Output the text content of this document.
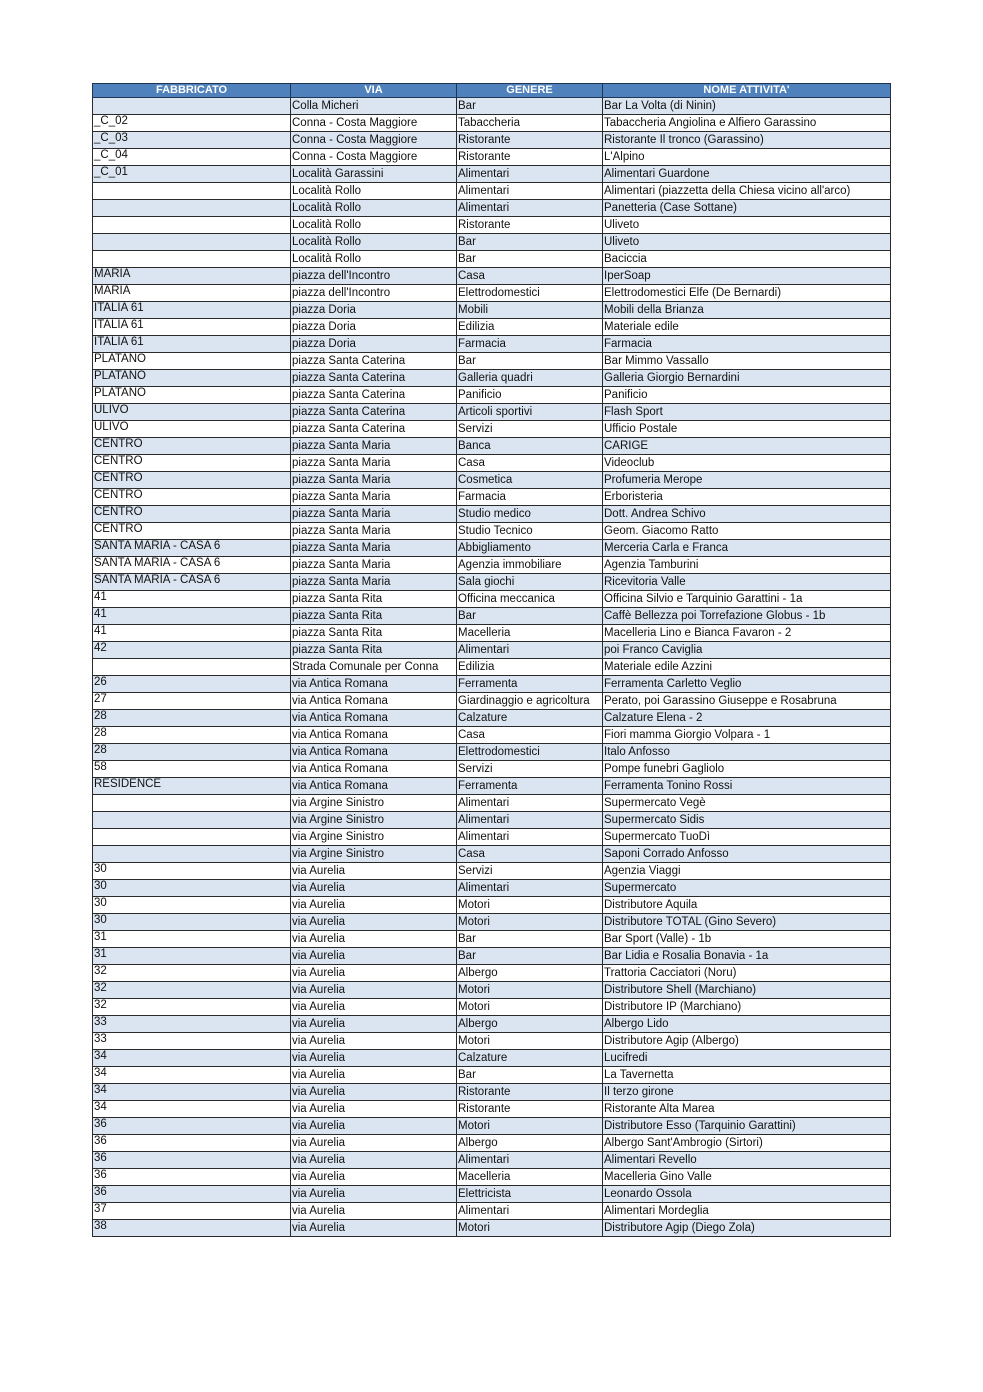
FABBRICATO	VIA	GENERE	NOME ATTIVITA'
	Colla Micheri	Bar	Bar La Volta (di Ninin)
_C_02	Conna - Costa Maggiore	Tabaccheria	Tabaccheria Angiolina e Alfiero Garassino
_C_03	Conna - Costa Maggiore	Ristorante	Ristorante Il tronco (Garassino)
_C_04	Conna - Costa Maggiore	Ristorante	L'Alpino
_C_01	Località Garassini	Alimentari	Alimentari Guardone
	Località Rollo	Alimentari	Alimentari (piazzetta della Chiesa vicino all'arco)
	Località Rollo	Alimentari	Panetteria (Case Sottane)
	Località Rollo	Ristorante	Uliveto
	Località Rollo	Bar	Uliveto
	Località Rollo	Bar	Baciccia
MARIA	piazza dell'Incontro	Casa	IperSoap
MARIA	piazza dell'Incontro	Elettrodomestici	Elettrodomestici Elfe (De Bernardi)
ITALIA 61	piazza Doria	Mobili	Mobili della Brianza
ITALIA 61	piazza Doria	Edilizia	Materiale edile
ITALIA 61	piazza Doria	Farmacia	Farmacia
PLATANO	piazza Santa Caterina	Bar	Bar Mimmo Vassallo
PLATANO	piazza Santa Caterina	Galleria quadri	Galleria Giorgio Bernardini
PLATANO	piazza Santa Caterina	Panificio	Panificio
ULIVO	piazza Santa Caterina	Articoli sportivi	Flash Sport
ULIVO	piazza Santa Caterina	Servizi	Ufficio Postale
CENTRO	piazza Santa Maria	Banca	CARIGE
CENTRO	piazza Santa Maria	Casa	Videoclub
CENTRO	piazza Santa Maria	Cosmetica	Profumeria Merope
CENTRO	piazza Santa Maria	Farmacia	Erboristeria
CENTRO	piazza Santa Maria	Studio medico	Dott. Andrea Schivo
CENTRO	piazza Santa Maria	Studio Tecnico	Geom. Giacomo Ratto
SANTA MARIA - CASA 6	piazza Santa Maria	Abbigliamento	Merceria Carla e Franca
SANTA MARIA - CASA 6	piazza Santa Maria	Agenzia immobiliare	Agenzia Tamburini
SANTA MARIA - CASA 6	piazza Santa Maria	Sala giochi	Ricevitoria Valle
41	piazza Santa Rita	Officina meccanica	Officina Silvio e Tarquinio Garattini - 1a
41	piazza Santa Rita	Bar	Caffè Bellezza poi Torrefazione Globus - 1b
41	piazza Santa Rita	Macelleria	Macelleria Lino e Bianca Favaron - 2
42	piazza Santa Rita	Alimentari	poi Franco Caviglia
	Strada Comunale per Conna	Edilizia	Materiale edile Azzini
26	via Antica Romana	Ferramenta	Ferramenta Carletto Veglio
27	via Antica Romana	Giardinaggio e agricoltura	Perato, poi Garassino Giuseppe e Rosabruna
28	via Antica Romana	Calzature	Calzature Elena - 2
28	via Antica Romana	Casa	Fiori mamma Giorgio Volpara - 1
28	via Antica Romana	Elettrodomestici	Italo Anfosso
58	via Antica Romana	Servizi	Pompe funebri Gagliolo
RESIDENCE	via Antica Romana	Ferramenta	Ferramenta Tonino Rossi
	via Argine Sinistro	Alimentari	Supermercato Vegè
	via Argine Sinistro	Alimentari	Supermercato Sidis
	via Argine Sinistro	Alimentari	Supermercato TuoDì
	via Argine Sinistro	Casa	Saponi Corrado Anfosso
30	via Aurelia	Servizi	Agenzia Viaggi
30	via Aurelia	Alimentari	Supermercato
30	via Aurelia	Motori	Distributore Aquila
30	via Aurelia	Motori	Distributore TOTAL (Gino Severo)
31	via Aurelia	Bar	Bar Sport (Valle) - 1b
31	via Aurelia	Bar	Bar Lidia e Rosalia Bonavia - 1a
32	via Aurelia	Albergo	Trattoria Cacciatori (Noru)
32	via Aurelia	Motori	Distributore Shell (Marchiano)
32	via Aurelia	Motori	Distributore IP (Marchiano)
33	via Aurelia	Albergo	Albergo Lido
33	via Aurelia	Motori	Distributore Agip (Albergo)
34	via Aurelia	Calzature	Lucifredi
34	via Aurelia	Bar	La Tavernetta
34	via Aurelia	Ristorante	Il terzo girone
34	via Aurelia	Ristorante	Ristorante Alta Marea
36	via Aurelia	Motori	Distributore Esso (Tarquinio Garattini)
36	via Aurelia	Albergo	Albergo Sant'Ambrogio (Sirtori)
36	via Aurelia	Alimentari	Alimentari Revello
36	via Aurelia	Macelleria	Macelleria Gino Valle
36	via Aurelia	Elettricista	Leonardo Ossola
37	via Aurelia	Alimentari	Alimentari Mordeglia
38	via Aurelia	Motori	Distributore Agip (Diego Zola)
